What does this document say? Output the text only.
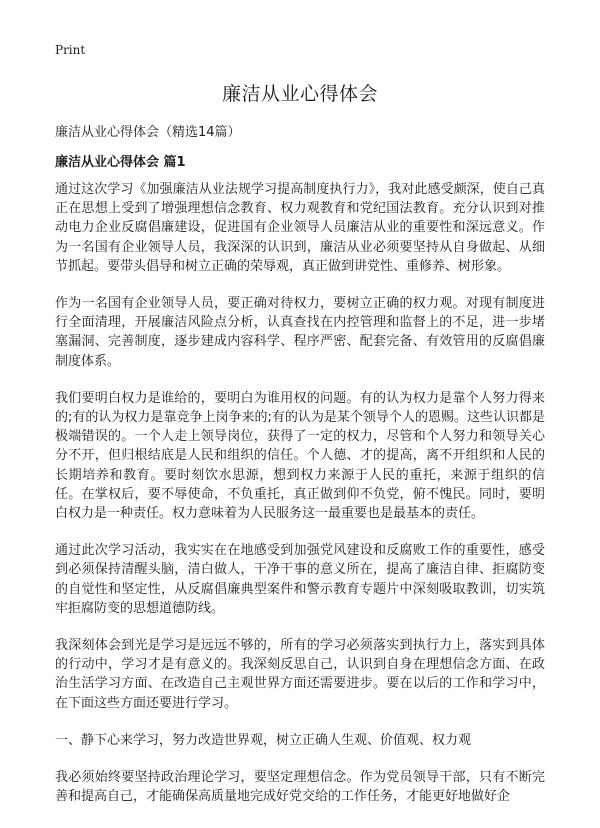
Print
廉洁从业心得体会
廉洁从业心得体会（精选14篇）
廉洁从业心得体会 篇1

通过这次学习《加强廉洁从业法规学习提高制度执行力》，我对此感受颇深，使自己真正在思想上受到了增强理想信念教育、权力观教育和党纪国法教育。充分认识到对推动电力企业反腐倡廉建设，促进国有企业领导人员廉洁从业的重要性和深远意义。作为一名国有企业领导人员，我深深的认识到，廉洁从业必须要坚持从自身做起、从细节抓起。要带头倡导和树立正确的荣辱观，真正做到讲党性、重修养、树形象。

作为一名国有企业领导人员，要正确对待权力，要树立正确的权力观。对现有制度进行全面清理，开展廉洁风险点分析，认真查找在内控管理和监督上的不足，进一步堵塞漏洞、完善制度，逐步建成内容科学、程序严密、配套完备、有效管用的反腐倡廉制度体系。

我们要明白权力是谁给的，要明白为谁用权的问题。有的认为权力是靠个人努力得来的;有的认为权力是靠竞争上岗争来的;有的认为是某个领导个人的恩赐。这些认识都是极端错误的。一个人走上领导岗位，获得了一定的权力，尽管和个人努力和领导关心分不开，但归根结底是人民和组织的信任。个人德、才的提高，离不开组织和人民的长期培养和教育。要时刻饮水思源，想到权力来源于人民的重托，来源于组织的信任。在掌权后，要不辱使命，不负重托，真正做到仰不负党，俯不愧民。同时，要明白权力是一种责任。权力意味着为人民服务这一最重要也是最基本的责任。

通过此次学习活动，我实实在在地感受到加强党风建设和反腐败工作的重要性，感受到必须保持清醒头脑，清白做人，干净干事的意义所在，提高了廉洁自律、拒腐防变的自觉性和坚定性，从反腐倡廉典型案件和警示教育专题片中深刻吸取教训，切实筑牢拒腐防变的思想道德防线。

我深刻体会到光是学习是远远不够的，所有的学习必须落实到执行力上，落实到具体的行动中，学习才是有意义的。我深刻反思自己，认识到自身在理想信念方面、在政治生活学习方面、在改造自己主观世界方面还需要进步。要在以后的工作和学习中，在下面这些方面还要进行学习。

一、静下心来学习，努力改造世界观，树立正确人生观、价值观、权力观

我必须始终要坚持政治理论学习，要坚定理想信念。作为党员领导干部，只有不断完善和提高自己，才能确保高质量地完成好党交给的工作任务，才能更好地做好企
